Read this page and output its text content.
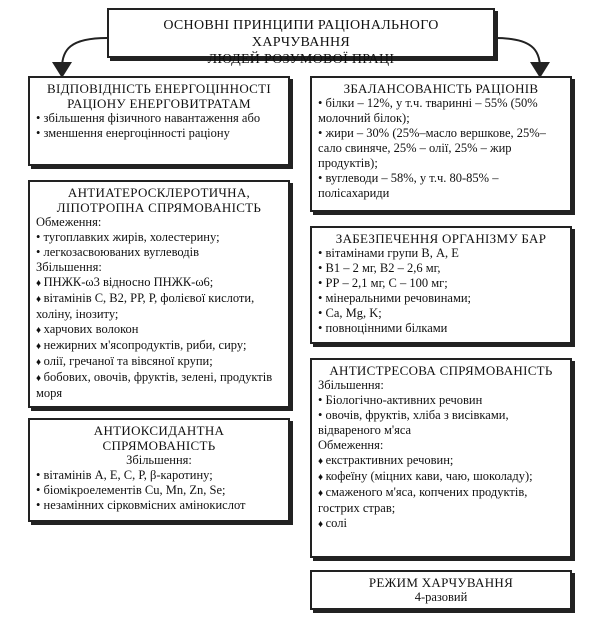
ОСНОВНІ ПРИНЦИПИ РАЦІОНАЛЬНОГО ХАРЧУВАННЯ
ЛЮДЕЙ РОЗУМОВОЇ ПРАЦІ
ВІДПОВІДНІСТЬ ЕНЕРГОЦІННОСТІ
РАЦІОНУ ЕНЕРГОВИТРАТАМ
• збільшення фізичного навантаження або
• зменшення енергоцінності раціону
АНТИАТЕРОСКЛЕРОТИЧНА,
ЛІПОТРОПНА СПРЯМОВАНІСТЬ
Обмеження:
• тугоплавких жирів, холестерину;
• легкозасвоюваних вуглеводів
Збільшення:
♦ ПНЖК-ω3 відносно ПНЖК-ω6;
♦ вітамінів С, В2, РР, Р, фолієвої кислоти, холіну, інозиту;
♦ харчових волокон
♦ нежирних м'ясопродуктів, риби, сиру;
♦ олії, гречаної та вівсяної крупи;
♦ бобових, овочів, фруктів, зелені, продуктів моря
АНТИОКСИДАНТНА
СПРЯМОВАНІСТЬ
Збільшення:
• вітамінів А, Е, С, Р, β-каротину;
• біомікроелементів Cu, Mn, Zn, Se;
• незамінних сірковмісних амінокислот
ЗБАЛАНСОВАНІСТЬ РАЦІОНІВ
• білки – 12%, у т.ч. тваринні – 55% (50% молочний білок);
• жири – 30% (25%–масло вершкове, 25%–сало свиняче, 25% – олії, 25% – жир продуктів);
• вуглеводи – 58%, у т.ч. 80-85% – полісахариди
ЗАБЕЗПЕЧЕННЯ ОРГАНІЗМУ БАР
• вітамінами групи В, А, Е
• В1 – 2 мг, В2 – 2,6 мг,
• РР – 2,1 мг, С – 100 мг;
• мінеральними речовинами;
• Са, Mg, K;
• повноцінними білками
АНТИСТРЕСОВА СПРЯМОВАНІСТЬ
Збільшення:
• Біологічно-активних речовин
• овочів, фруктів, хліба з висівками, відвареного м'яса
Обмеження:
♦ екстрактивних речовин;
♦ кофеїну (міцних кави, чаю, шоколаду);
♦ смаженого м'яса, копчених продуктів, гострих страв;
♦ солі
РЕЖИМ ХАРЧУВАННЯ
4-разовий
